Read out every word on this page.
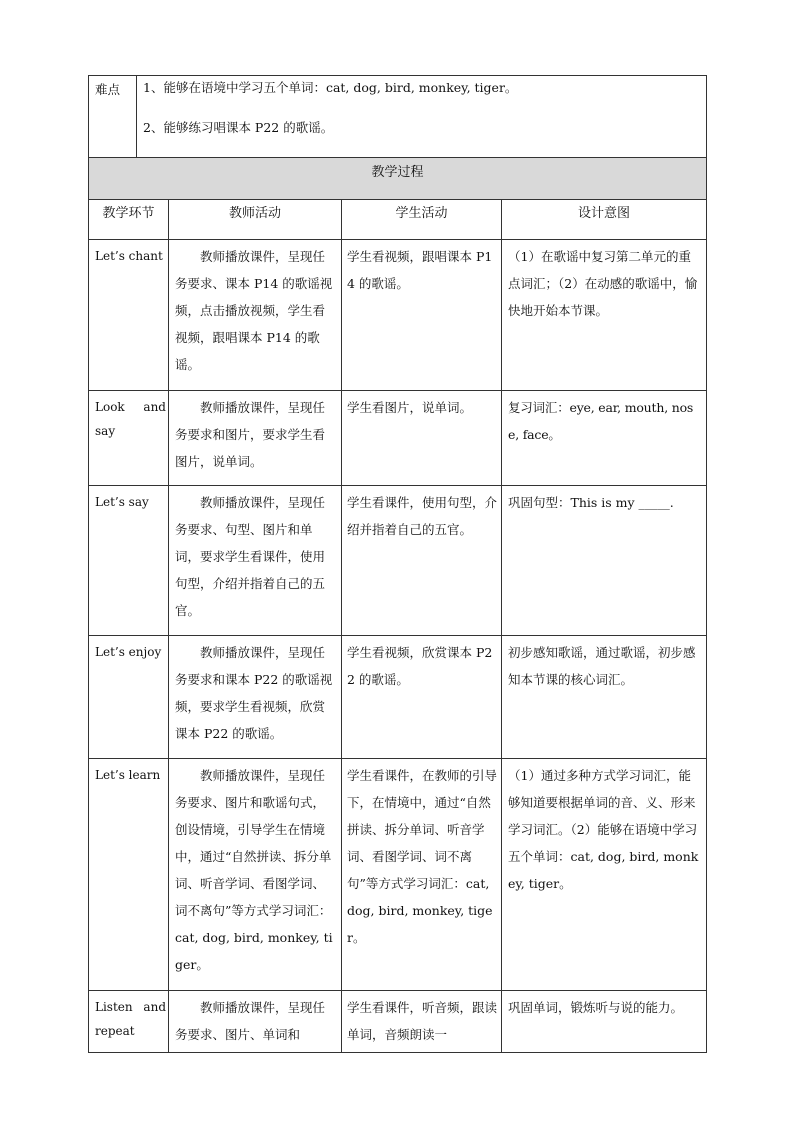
难点	1、能够在语境中学习五个单词：cat, dog, bird, monkey, tiger。

2、能够练习唱课本 P22 的歌谣。

教学过程			

教学环节	教师活动	学生活动	设计意图

Let’s chant	教师播放课件，呈现任务要求、课本 P14 的歌谣视频，点击播放视频，学生看视频，跟唱课本 P14 的歌谣。	学生看视频，跟唱课本 P14 的歌谣。	（1）在歌谣中复习第二单元的重点词汇；（2）在动感的歌谣中，愉快地开始本节课。
Look and say	教师播放课件，呈现任务要求和图片，要求学生看图片，说单词。	学生看图片，说单词。	复习词汇：eye, ear, mouth, nose, face。
Let’s say	教师播放课件，呈现任务要求、句型、图片和单词，要求学生看课件，使用句型，介绍并指着自己的五官。	学生看课件，使用句型，介绍并指着自己的五官。	巩固句型：This is my _____.
Let’s enjoy	教师播放课件，呈现任务要求和课本 P22 的歌谣视频，要求学生看视频，欣赏课本 P22 的歌谣。	学生看视频，欣赏课本 P22 的歌谣。	初步感知歌谣，通过歌谣，初步感知本节课的核心词汇。
Let’s learn	教师播放课件，呈现任务要求、图片和歌谣句式，创设情境，引导学生在情境中，通过“自然拼读、拆分单词、听音学词、看图学词、词不离句”等方式学习词汇：cat, dog, bird, monkey, tiger。	学生看课件，在教师的引导下，在情境中，通过“自然拼读、拆分单词、听音学词、看图学词、词不离句”等方式学习词汇：cat, dog, bird, monkey, tiger。	（1）通过多种方式学习词汇，能够知道要根据单词的音、义、形来学习词汇。（2）能够在语境中学习五个单词：cat, dog, bird, monkey, tiger。
Listen and repeat	教师播放课件，呈现任务要求、图片、单词和	学生看课件，听音频，跟读单词，音频朗读一	巩固单词，锻炼听与说的能力。
